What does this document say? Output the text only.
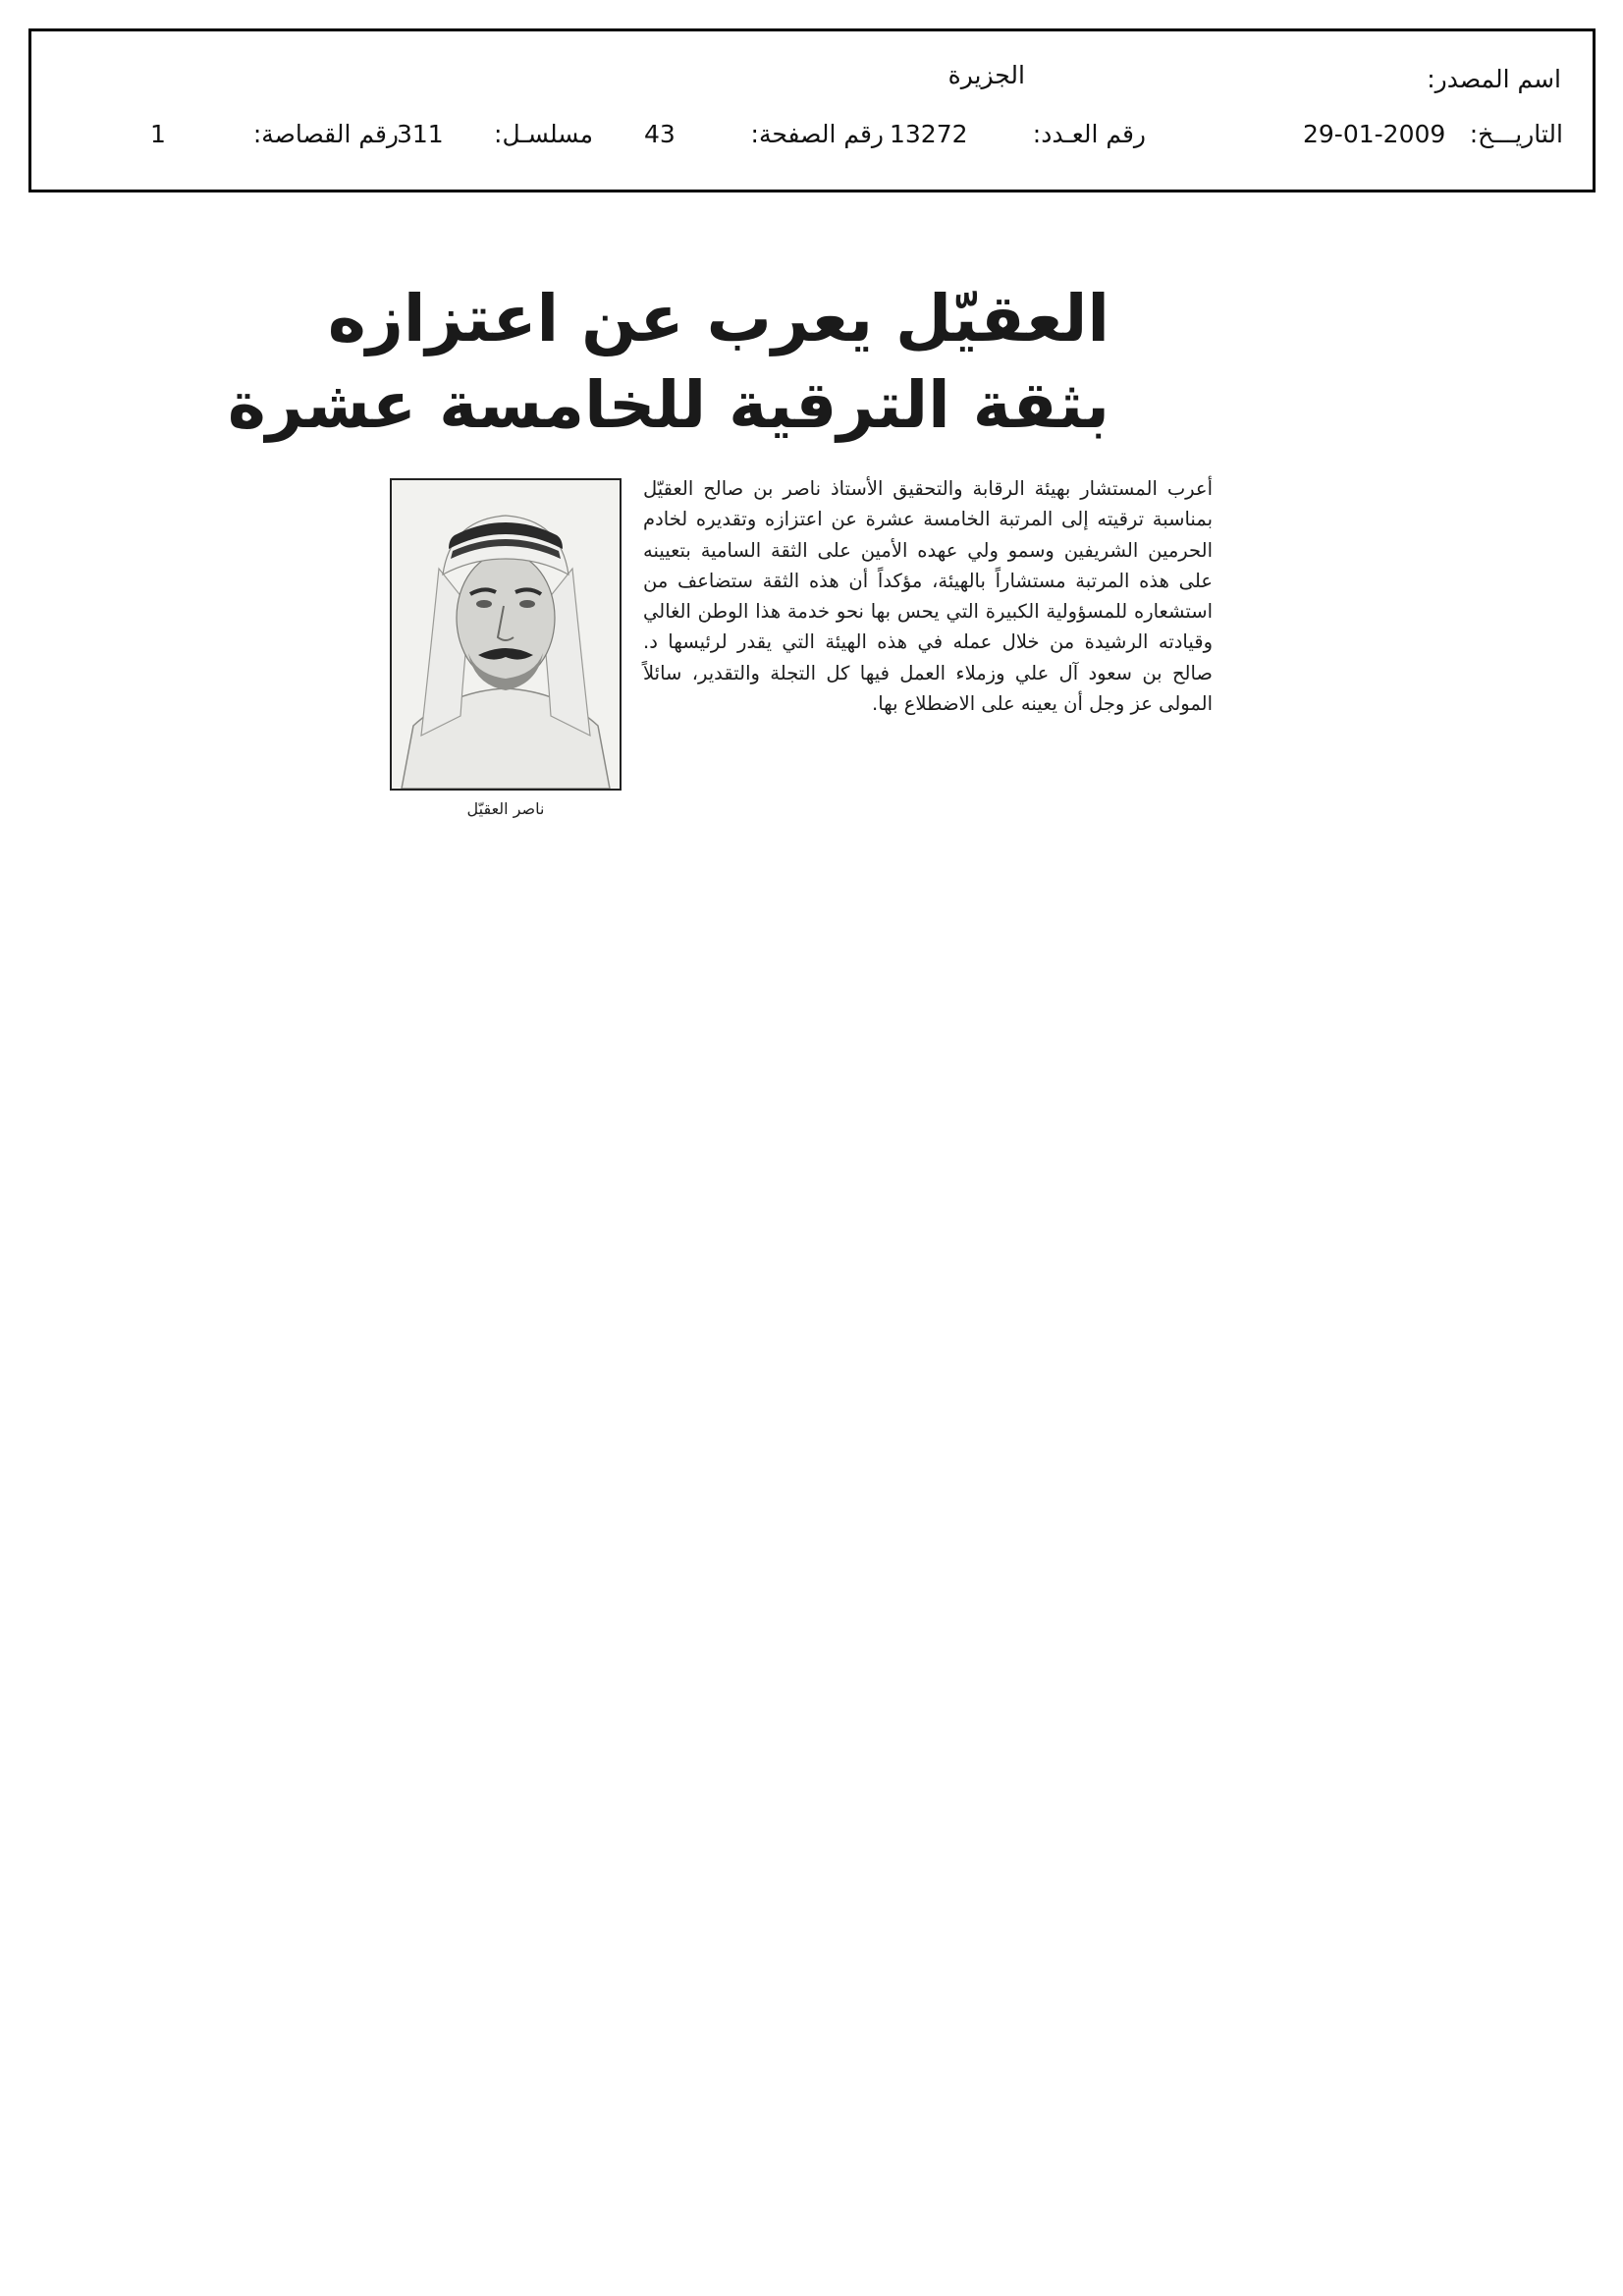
اسم المصدر:
الجزيرة
التاريـــخ:
29-01-2009
رقم العـدد:
13272
رقم الصفحة:
43
مسلسـل:
311
رقم القصاصة:
1
العقيّل يعرب عن اعتزازه
بثقة الترقية للخامسة عشرة
أعرب المستشار بهيئة الرقابة والتحقيق الأستاذ ناصر بن صالح العقيّل بمناسبة ترقيته إلى المرتبة الخامسة عشرة عن اعتزازه وتقديره لخادم الحرمين الشريفين وسمو ولي عهده الأمين على الثقة السامية بتعيينه على هذه المرتبة مستشاراً بالهيئة، مؤكداً أن هذه الثقة ستضاعف من استشعاره للمسؤولية الكبيرة التي يحس بها نحو خدمة هذا الوطن الغالي وقيادته الرشيدة من خلال عمله في هذه الهيئة التي يقدر لرئيسها د. صالح بن سعود آل علي وزملاء العمل فيها كل التجلة والتقدير، سائلاً المولى عز وجل أن يعينه على الاضطلاع بها.
ناصر العقيّل
